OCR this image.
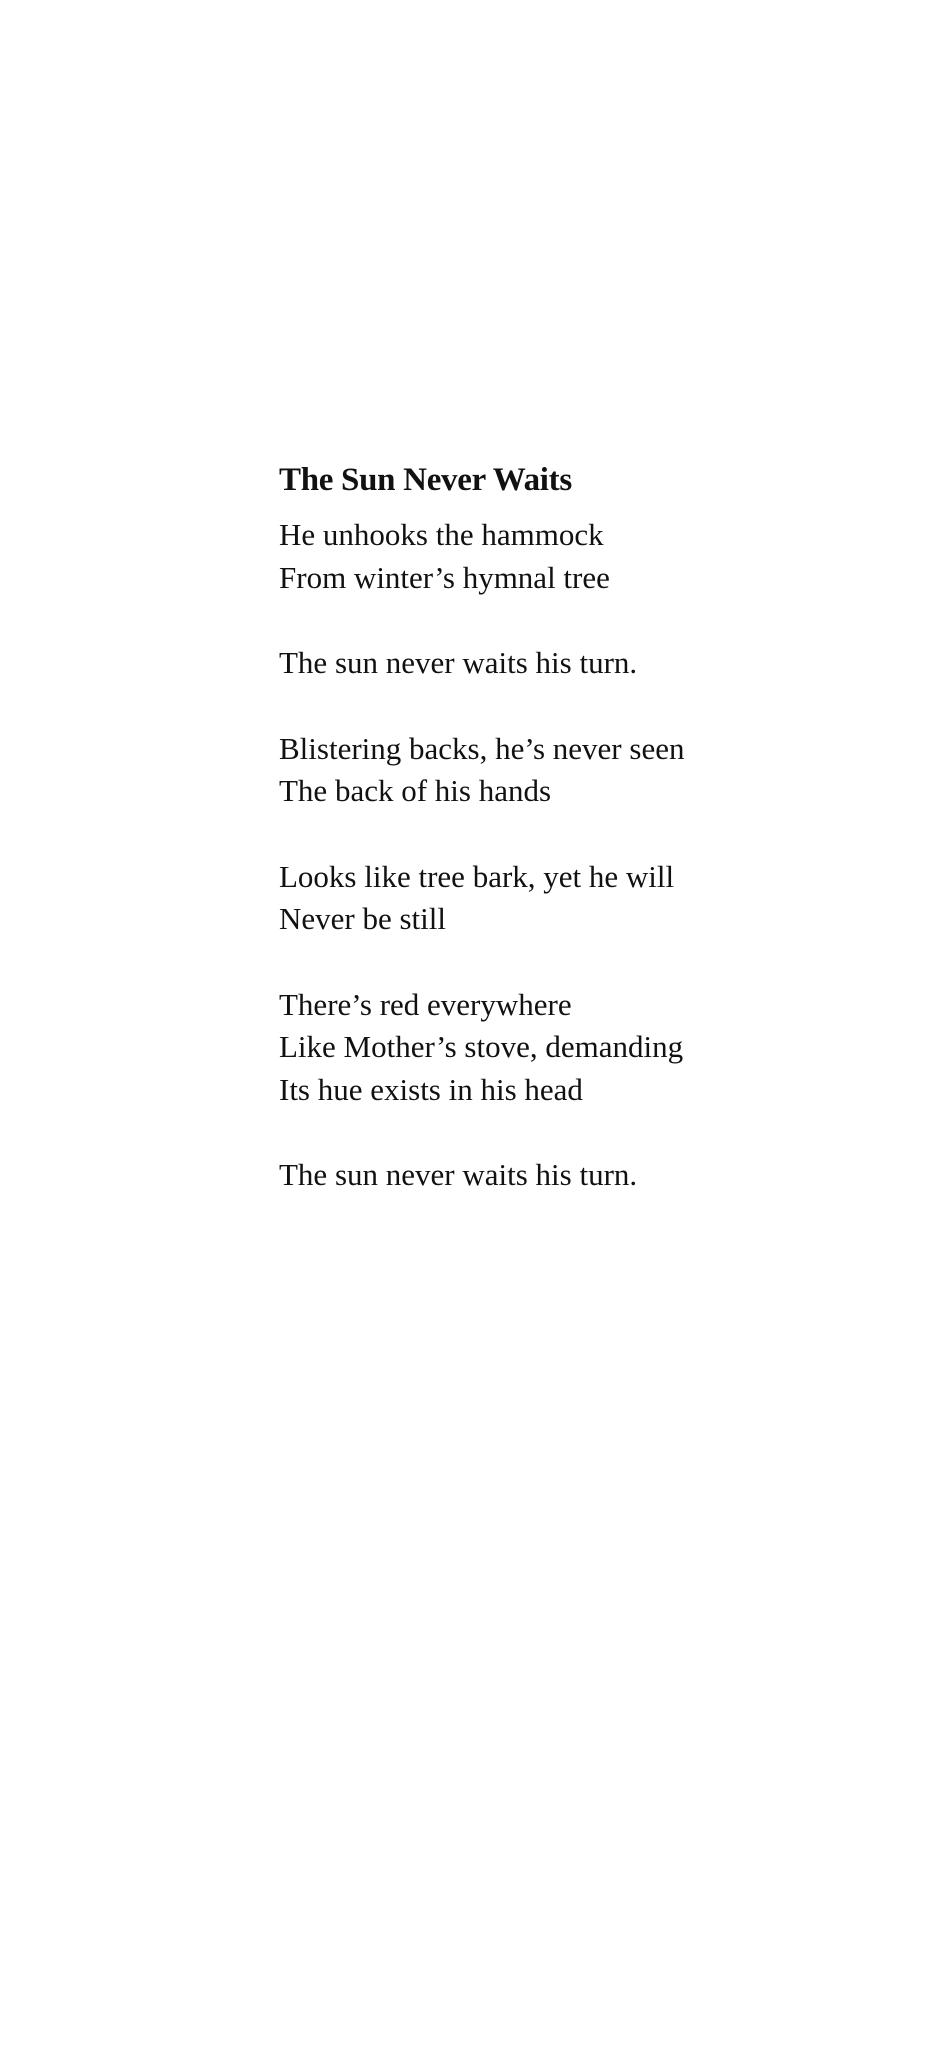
The Sun Never Waits
He unhooks the hammock
From winter’s hymnal tree
The sun never waits his turn.
Blistering backs, he’s never seen
The back of his hands
Looks like tree bark, yet he will
Never be still
There’s red everywhere
Like Mother’s stove, demanding
Its hue exists in his head
The sun never waits his turn.
